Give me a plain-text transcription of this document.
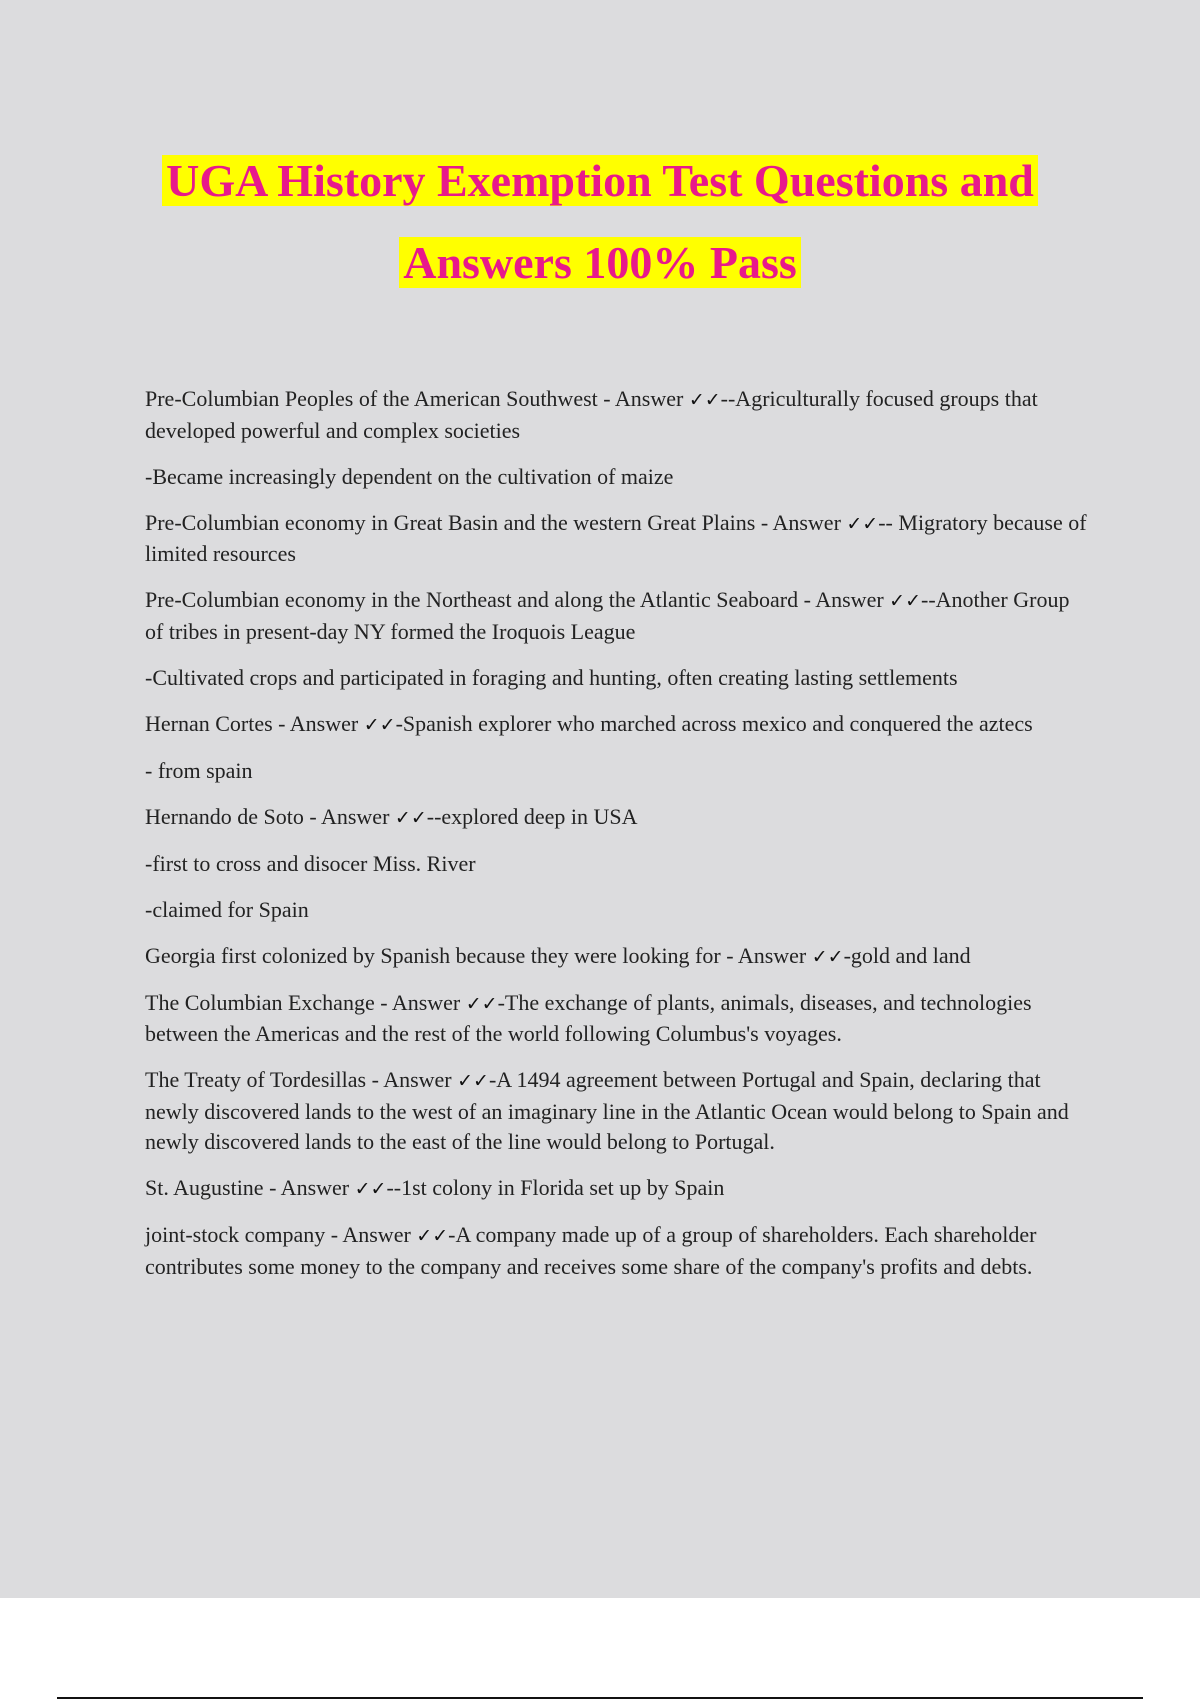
UGA History Exemption Test Questions and
Answers 100% Pass

Pre-Columbian Peoples of the American Southwest - Answer ✓✓--Agriculturally focused groups that developed powerful and complex societies

-Became increasingly dependent on the cultivation of maize

Pre-Columbian economy in Great Basin and the western Great Plains - Answer ✓✓-- Migratory because of limited resources

Pre-Columbian economy in the Northeast and along the Atlantic Seaboard - Answer ✓✓--Another Group of tribes in present-day NY formed the Iroquois League

-Cultivated crops and participated in foraging and hunting, often creating lasting settlements

Hernan Cortes - Answer ✓✓-Spanish explorer who marched across mexico and conquered the aztecs

- from spain

Hernando de Soto - Answer ✓✓--explored deep in USA

-first to cross and disocer Miss. River

-claimed for Spain

Georgia first colonized by Spanish because they were looking for - Answer ✓✓-gold and land

The Columbian Exchange - Answer ✓✓-The exchange of plants, animals, diseases, and technologies between the Americas and the rest of the world following Columbus's voyages.

The Treaty of Tordesillas - Answer ✓✓-A 1494 agreement between Portugal and Spain, declaring that newly discovered lands to the west of an imaginary line in the Atlantic Ocean would belong to Spain and newly discovered lands to the east of the line would belong to Portugal.

St. Augustine - Answer ✓✓--1st colony in Florida set up by Spain

joint-stock company - Answer ✓✓-A company made up of a group of shareholders. Each shareholder contributes some money to the company and receives some share of the company's profits and debts.
